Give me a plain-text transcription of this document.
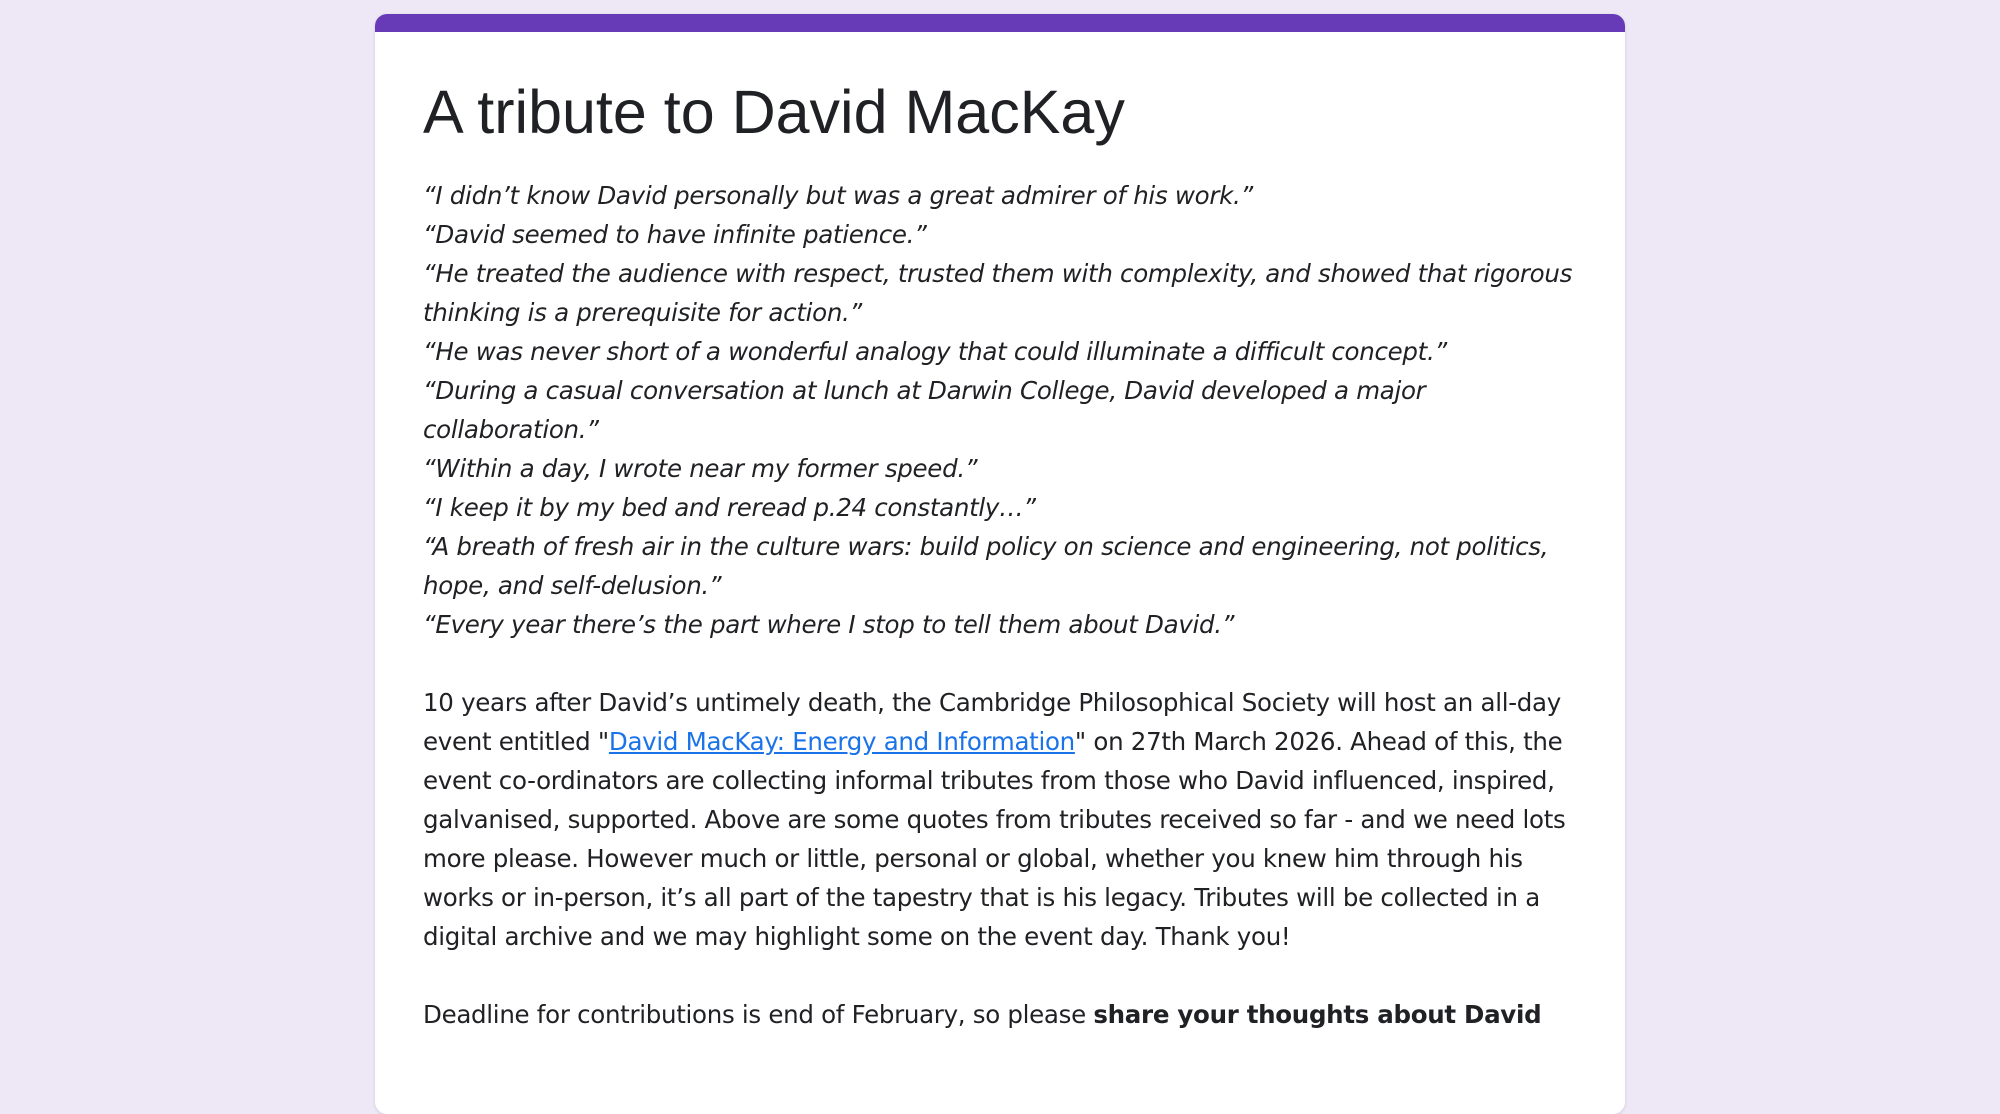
A tribute to David MacKay
“I didn’t know David personally but was a great admirer of his work.”
“David seemed to have infinite patience.”
“He treated the audience with respect, trusted them with complexity, and showed that rigorous thinking is a prerequisite for action.”
“He was never short of a wonderful analogy that could illuminate a difficult concept.”
“During a casual conversation at lunch at Darwin College, David developed a major collaboration.”
“Within a day, I wrote near my former speed.”
“I keep it by my bed and reread p.24 constantly…”
“A breath of fresh air in the culture wars: build policy on science and engineering, not politics, hope, and self-delusion.”
“Every year there’s the part where I stop to tell them about David.”
10 years after David’s untimely death, the Cambridge Philosophical Society will host an all-day event entitled "David MacKay: Energy and Information" on 27th March 2026. Ahead of this, the event co-ordinators are collecting informal tributes from those who David influenced, inspired, galvanised, supported. Above are some quotes from tributes received so far - and we need lots more please. However much or little, personal or global, whether you knew him through his works or in-person, it’s all part of the tapestry that is his legacy. Tributes will be collected in a digital archive and we may highlight some on the event day. Thank you!
Deadline for contributions is end of February, so please share your thoughts about David
